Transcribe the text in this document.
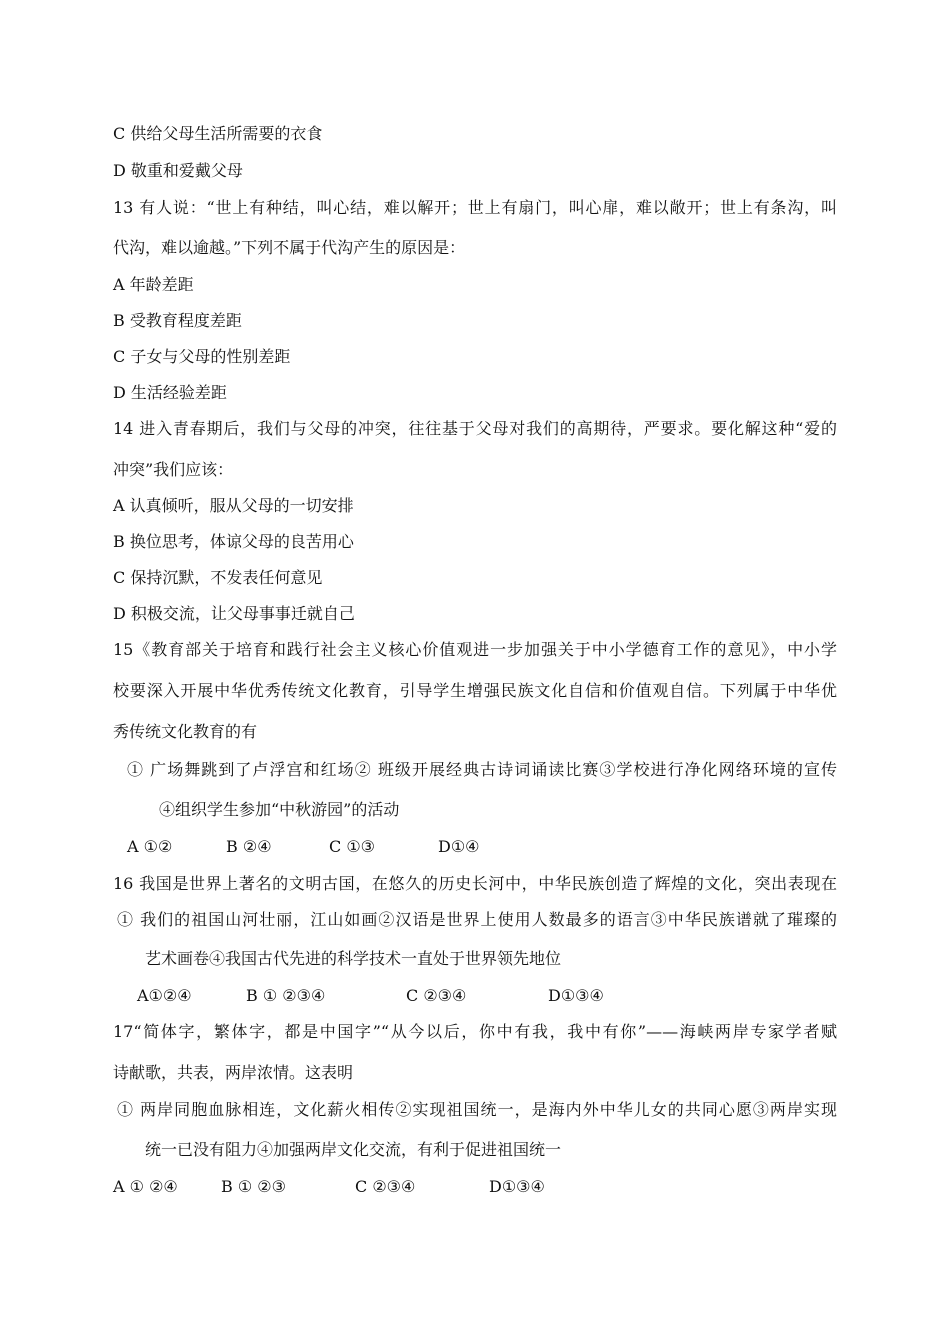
C 供给父母生活所需要的衣食
D 敬重和爱戴父母
13 有人说：“世上有种结，叫心结，难以解开；世上有扇门，叫心扉，难以敞开；世上有条沟，叫
代沟，难以逾越。”下列不属于代沟产生的原因是：
A 年龄差距
B 受教育程度差距
C 子女与父母的性别差距
D 生活经验差距
14 进入青春期后，我们与父母的冲突，往往基于父母对我们的高期待，严要求。要化解这种“爱的
冲突”我们应该：
A 认真倾听，服从父母的一切安排
B 换位思考，体谅父母的良苦用心
C 保持沉默，不发表任何意见
D 积极交流，让父母事事迁就自己
15《教育部关于培育和践行社会主义核心价值观进一步加强关于中小学德育工作的意见》，中小学
校要深入开展中华优秀传统文化教育，引导学生增强民族文化自信和价值观自信。下列属于中华优
秀传统文化教育的有
① 广场舞跳到了卢浮宫和红场② 班级开展经典古诗词诵读比赛③学校进行净化网络环境的宣传
④组织学生参加“中秋游园”的活动
A ①②	B ②④	C ①③	D①④
16 我国是世界上著名的文明古国，在悠久的历史长河中，中华民族创造了辉煌的文化，突出表现在
① 我们的祖国山河壮丽，江山如画②汉语是世界上使用人数最多的语言③中华民族谱就了璀璨的
艺术画卷④我国古代先进的科学技术一直处于世界领先地位
A①②④	B ① ②③④	C ②③④	D①③④
17“简体字，繁体字，都是中国字”“从今以后，你中有我，我中有你”——海峡两岸专家学者赋
诗献歌，共表，两岸浓情。这表明
① 两岸同胞血脉相连，文化薪火相传②实现祖国统一，是海内外中华儿女的共同心愿③两岸实现
统一已没有阻力④加强两岸文化交流，有利于促进祖国统一
A ① ②④	B ① ②③	C ②③④	D①③④
